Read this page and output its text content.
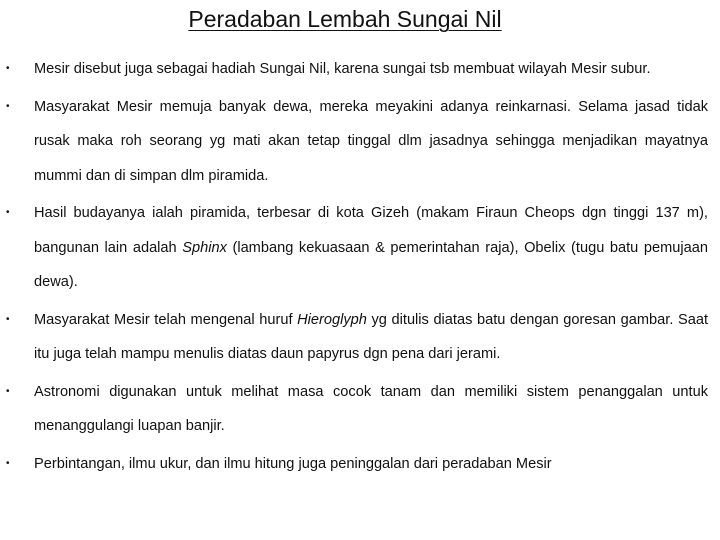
Peradaban Lembah Sungai Nil
• Mesir disebut juga sebagai hadiah Sungai Nil, karena sungai tsb membuat wilayah Mesir subur.
• Masyarakat Mesir memuja banyak dewa, mereka meyakini adanya reinkarnasi. Selama jasad tidak rusak maka roh seorang yg mati akan tetap tinggal dlm jasadnya sehingga menjadikan mayatnya mummi dan di simpan dlm piramida.
• Hasil budayanya ialah piramida, terbesar di kota Gizeh (makam Firaun Cheops dgn tinggi 137 m), bangunan lain adalah Sphinx (lambang kekuasaan & pemerintahan raja), Obelix (tugu batu pemujaan dewa).
• Masyarakat Mesir telah mengenal huruf Hieroglyph yg ditulis diatas batu dengan goresan gambar. Saat itu juga telah mampu menulis diatas daun papyrus dgn pena dari jerami.
• Astronomi digunakan untuk melihat masa cocok tanam dan memiliki sistem penanggalan untuk menanggulangi luapan banjir.
• Perbintangan, ilmu ukur, dan ilmu hitung juga peninggalan dari peradaban Mesir
